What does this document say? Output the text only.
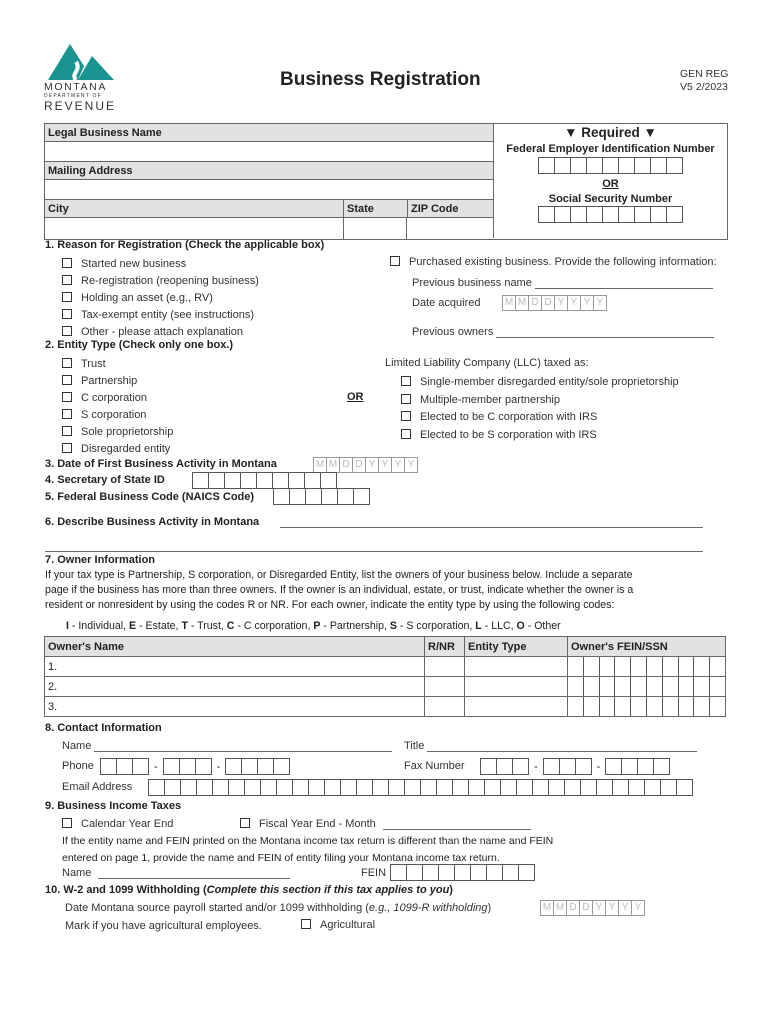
MONTANA
DEPARTMENT OF
REVENUE
Business Registration	GEN REG
V5 2/2023
Legal Business Name
Mailing Address
City	State	ZIP Code
▼ Required ▼
Federal Employer Identification Number
OR
Social Security Number
1. Reason for Registration (Check the applicable box)
Started new business
Re-registration (reopening business)
Holding an asset (e.g., RV)
Tax-exempt entity (see instructions)
Other - please attach explanation
Purchased existing business. Provide the following information:
Previous business name
Date acquired M M D D Y Y Y Y
Previous owners
2. Entity Type (Check only one box.)
Trust
Partnership
C corporation
S corporation
Sole proprietorship
Disregarded entity
OR
Limited Liability Company (LLC) taxed as:
Single-member disregarded entity/sole proprietorship
Multiple-member partnership
Elected to be C corporation with IRS
Elected to be S corporation with IRS
3. Date of First Business Activity in Montana	M M D D Y Y Y Y
4. Secretary of State ID
5. Federal Business Code (NAICS Code)
6. Describe Business Activity in Montana
7. Owner Information
If your tax type is Partnership, S corporation, or Disregarded Entity, list the owners of your business below. Include a separate
page if the business has more than three owners. If the owner is an individual, estate, or trust, indicate whether the owner is a
resident or nonresident by using the codes R or NR. For each owner, indicate the entity type by using the following codes:
I - Individual, E - Estate, T - Trust, C - C corporation, P - Partnership, S - S corporation, L - LLC, O - Other
Owner's Name	R/NR	Entity Type	Owner's FEIN/SSN
1.			

2.			

3.			
8. Contact Information
Name	Title
Phone	-	-	Fax Number	-	-
Email Address
9. Business Income Taxes
Calendar Year End	Fiscal Year End - Month
If the entity name and FEIN printed on the Montana income tax return is different than the name and FEIN
entered on page 1, provide the name and FEIN of entity filing your Montana income tax return.
Name	FEIN
10. W-2 and 1099 Withholding (Complete this section if this tax applies to you)
Date Montana source payroll started and/or 1099 withholding (e.g., 1099-R withholding)	M M D D Y Y Y Y
Mark if you have agricultural employees.	Agricultural
